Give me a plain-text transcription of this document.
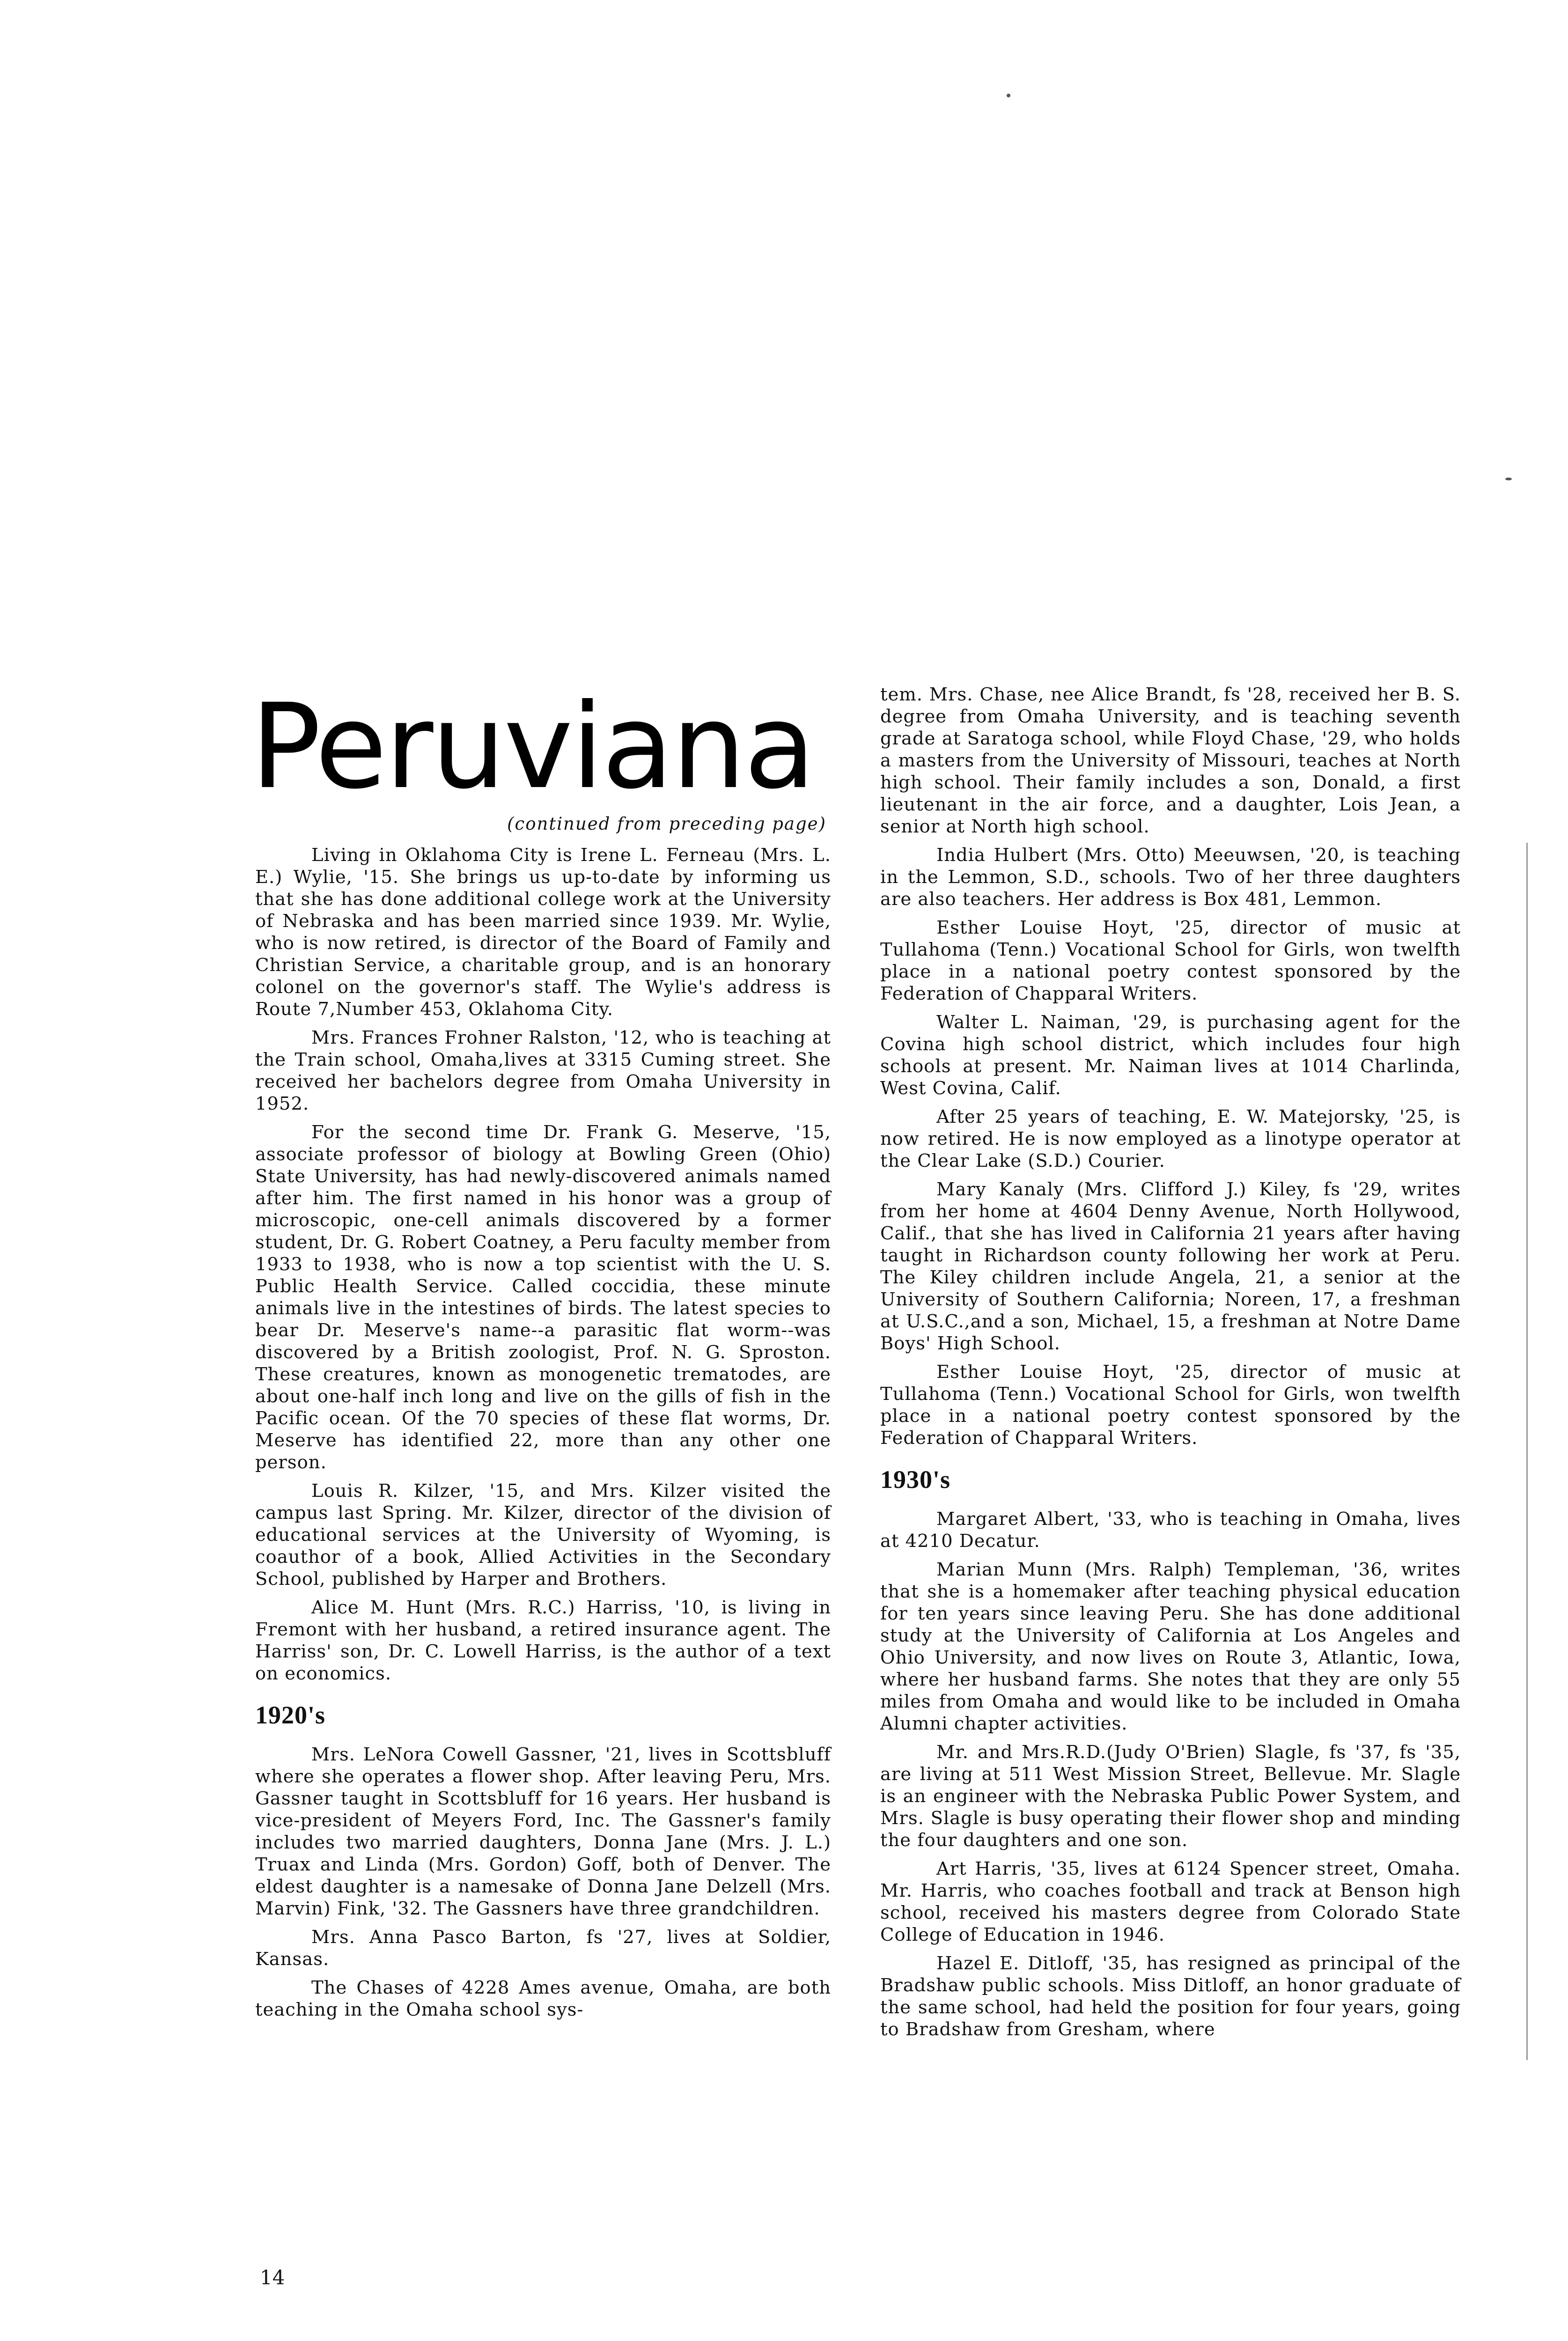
Peruviana
(continued from preceding page)

Living in Oklahoma City is Irene L. Ferneau (Mrs. L. E.) Wylie, '15. She brings us up-to-date by informing us that she has done additional college work at the University of Nebraska and has been married since 1939. Mr. Wylie, who is now retired, is director of the Board of Family and Christian Service, a charitable group, and is an honorary colonel on the governor's staff. The Wylie's address is Route 7,Number 453, Oklahoma City.

Mrs. Frances Frohner Ralston, '12, who is teaching at the Train school, Omaha,lives at 3315 Cuming street. She received her bachelors degree from Omaha University in 1952.

For the second time Dr. Frank G. Meserve, '15, associate professor of biology at Bowling Green (Ohio) State University, has had newly-discovered animals named after him. The first named in his honor was a group of microscopic, one-cell animals discovered by a former student, Dr. G. Robert Coatney, a Peru faculty member from 1933 to 1938, who is now a top scientist with the U. S. Public Health Service. Called coccidia, these minute animals live in the intestines of birds. The latest species to bear Dr. Meserve's name--a parasitic flat worm--was discovered by a British zoologist, Prof. N. G. Sproston. These creatures, known as monogenetic trematodes, are about one-half inch long and live on the gills of fish in the Pacific ocean. Of the 70 species of these flat worms, Dr. Meserve has identified 22, more than any other one person.

Louis R. Kilzer, '15, and Mrs. Kilzer visited the campus last Spring. Mr. Kilzer, director of the division of educational services at the University of Wyoming, is coauthor of a book, Allied Activities in the Secondary School, published by Harper and Brothers.

Alice M. Hunt (Mrs. R.C.) Harriss, '10, is living in Fremont with her husband, a retired insurance agent. The Harriss' son, Dr. C. Lowell Harriss, is the author of a text on economics.

1920's

Mrs. LeNora Cowell Gassner, '21, lives in Scottsbluff where she operates a flower shop. After leaving Peru, Mrs. Gassner taught in Scottsbluff for 16 years. Her husband is vice-president of Meyers Ford, Inc. The Gassner's family includes two married daughters, Donna Jane (Mrs. J. L.) Truax and Linda (Mrs. Gordon) Goff, both of Denver. The eldest daughter is a namesake of Donna Jane Delzell (Mrs. Marvin) Fink, '32. The Gassners have three grandchildren.

Mrs. Anna Pasco Barton, fs '27, lives at Soldier, Kansas.

The Chases of 4228 Ames avenue, Omaha, are both teaching in the Omaha school sys-

tem. Mrs. Chase, nee Alice Brandt, fs '28, received her B. S. degree from Omaha University, and is teaching seventh grade at Saratoga school, while Floyd Chase, '29, who holds a masters from the University of Missouri, teaches at North high school. Their family includes a son, Donald, a first lieutenant in the air force, and a daughter, Lois Jean, a senior at North high school.

India Hulbert (Mrs. Otto) Meeuwsen, '20, is teaching in the Lemmon, S.D., schools. Two of her three daughters are also teachers. Her address is Box 481, Lemmon.

Esther Louise Hoyt, '25, director of music at Tullahoma (Tenn.) Vocational School for Girls, won twelfth place in a national poetry contest sponsored by the Federation of Chapparal Writers.

Walter L. Naiman, '29, is purchasing agent for the Covina high school district, which includes four high schools at present. Mr. Naiman lives at 1014 Charlinda, West Covina, Calif.

After 25 years of teaching, E. W. Matejorsky, '25, is now retired. He is now employed as a linotype operator at the Clear Lake (S.D.) Courier.

Mary Kanaly (Mrs. Clifford J.) Kiley, fs '29, writes from her home at 4604 Denny Avenue, North Hollywood, Calif., that she has lived in California 21 years after having taught in Richardson county following her work at Peru. The Kiley children include Angela, 21, a senior at the University of Southern California; Noreen, 17, a freshman at U.S.C.,and a son, Michael, 15, a freshman at Notre Dame Boys' High School.

Esther Louise Hoyt, '25, director of music at Tullahoma (Tenn.) Vocational School for Girls, won twelfth place in a national poetry contest sponsored by the Federation of Chapparal Writers.

1930's

Margaret Albert, '33, who is teaching in Omaha, lives at 4210 Decatur.

Marian Munn (Mrs. Ralph) Templeman, '36, writes that she is a homemaker after teaching physical education for ten years since leaving Peru. She has done additional study at the University of California at Los Angeles and Ohio University, and now lives on Route 3, Atlantic, Iowa, where her husband farms. She notes that they are only 55 miles from Omaha and would like to be included in Omaha Alumni chapter activities.

Mr. and Mrs.R.D.(Judy O'Brien) Slagle, fs '37, fs '35, are living at 511 West Mission Street, Bellevue. Mr. Slagle is an engineer with the Nebraska Public Power System, and Mrs. Slagle is busy operating their flower shop and minding the four daughters and one son.

Art Harris, '35, lives at 6124 Spencer street, Omaha. Mr. Harris, who coaches football and track at Benson high school, received his masters degree from Colorado State College of Education in 1946.

Hazel E. Ditloff, '35, has resigned as principal of the Bradshaw public schools. Miss Ditloff, an honor graduate of the same school, had held the position for four years, going to Bradshaw from Gresham, where

14
